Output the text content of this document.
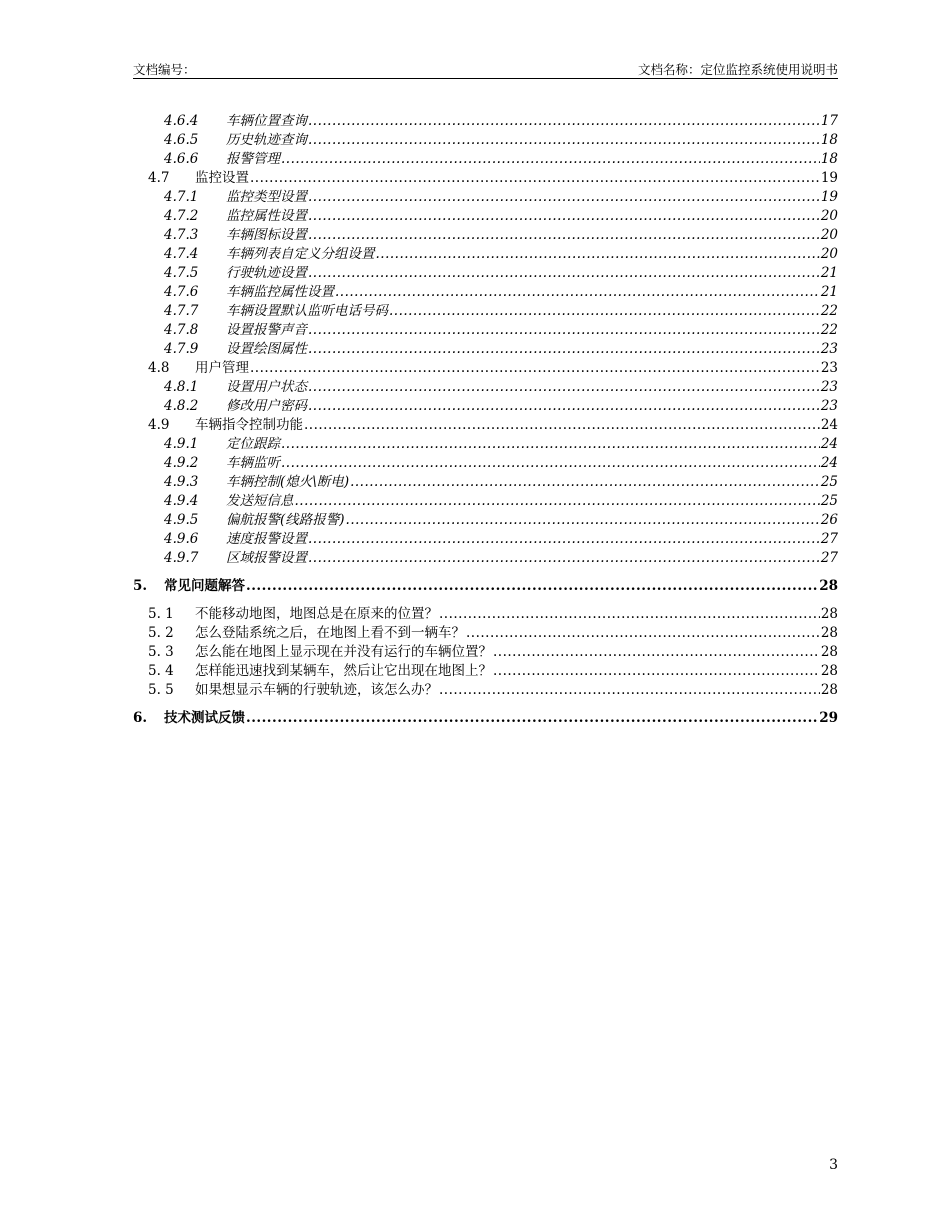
文档编号：	文档名称：定位监控系统使用说明书
4.6.4	车辆位置查询 .....	17
4.6.5	历史轨迹查询 .....	18
4.6.6	报警管理 .....	18
4.7	监控设置 .....	19
4.7.1	监控类型设置 .....	19
4.7.2	监控属性设置 .....	20
4.7.3	车辆图标设置 .....	20
4.7.4	车辆列表自定义分组设置 .....	20
4.7.5	行驶轨迹设置 .....	21
4.7.6	车辆监控属性设置 .....	21
4.7.7	车辆设置默认监听电话号码 .....	22
4.7.8	设置报警声音 .....	22
4.7.9	设置绘图属性 .....	23
4.8	用户管理 .....	23
4.8.1	设置用户状态 .....	23
4.8.2	修改用户密码 .....	23
4.9	车辆指令控制功能 .....	24
4.9.1	定位跟踪 .....	24
4.9.2	车辆监听 .....	24
4.9.3	车辆控制(熄火\断电) .....	25
4.9.4	发送短信息 .....	25
4.9.5	偏航报警(线路报警) .....	26
4.9.6	速度报警设置 .....	27
4.9.7	区域报警设置 .....	27
5.	常见问题解答 .....	28
5. 1	不能移动地图，地图总是在原来的位置？ .....	28
5. 2	怎么登陆系统之后，在地图上看不到一辆车？ .....	28
5. 3	怎么能在地图上显示现在并没有运行的车辆位置？ .....	28
5. 4	怎样能迅速找到某辆车，然后让它出现在地图上？ .....	28
5. 5	如果想显示车辆的行驶轨迹，该怎么办？ .....	28
6.	技术测试反馈 .....	29
3
